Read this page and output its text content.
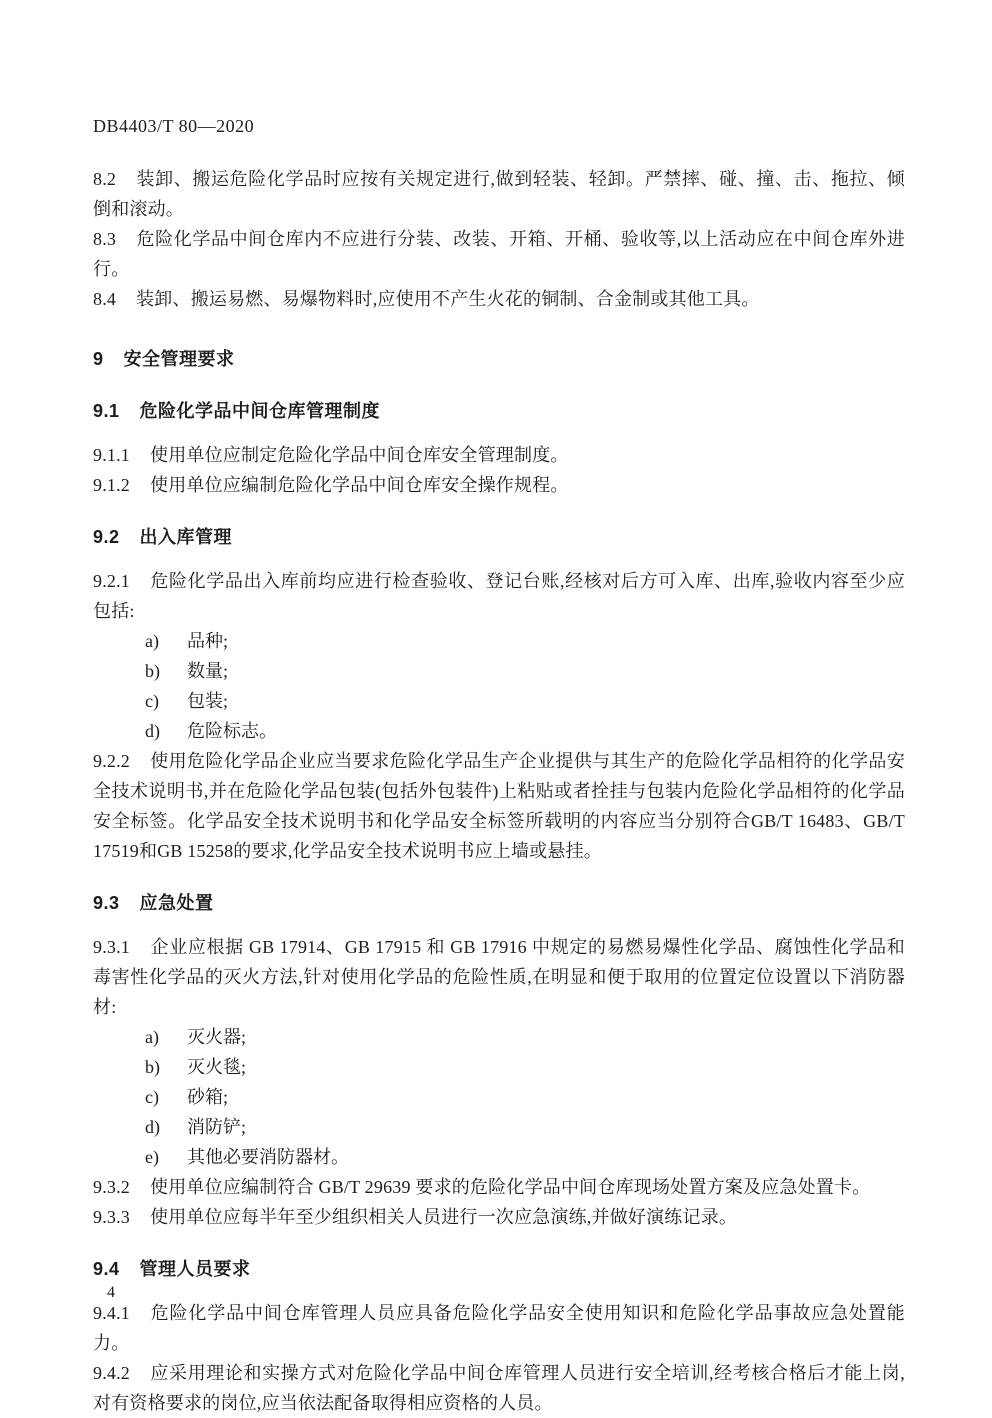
DB4403/T 80—2020
8.2 装卸、搬运危险化学品时应按有关规定进行,做到轻装、轻卸。严禁摔、碰、撞、击、拖拉、倾倒和滚动。
8.3 危险化学品中间仓库内不应进行分装、改装、开箱、开桶、验收等,以上活动应在中间仓库外进行。
8.4 装卸、搬运易燃、易爆物料时,应使用不产生火花的铜制、合金制或其他工具。
9 安全管理要求
9.1 危险化学品中间仓库管理制度
9.1.1 使用单位应制定危险化学品中间仓库安全管理制度。
9.1.2 使用单位应编制危险化学品中间仓库安全操作规程。
9.2 出入库管理
9.2.1 危险化学品出入库前均应进行检查验收、登记台账,经核对后方可入库、出库,验收内容至少应包括:
a)	品种;
b)	数量;
c)	包装;
d)	危险标志。
9.2.2 使用危险化学品企业应当要求危险化学品生产企业提供与其生产的危险化学品相符的化学品安全技术说明书,并在危险化学品包装(包括外包装件)上粘贴或者拴挂与包装内危险化学品相符的化学品安全标签。化学品安全技术说明书和化学品安全标签所载明的内容应当分别符合GB/T 16483、GB/T 17519和GB 15258的要求,化学品安全技术说明书应上墙或悬挂。
9.3 应急处置
9.3.1 企业应根据 GB 17914、GB 17915 和 GB 17916 中规定的易燃易爆性化学品、腐蚀性化学品和毒害性化学品的灭火方法,针对使用化学品的危险性质,在明显和便于取用的位置定位设置以下消防器材:
a)	灭火器;
b)	灭火毯;
c)	砂箱;
d)	消防铲;
e)	其他必要消防器材。
9.3.2 使用单位应编制符合 GB/T 29639 要求的危险化学品中间仓库现场处置方案及应急处置卡。
9.3.3 使用单位应每半年至少组织相关人员进行一次应急演练,并做好演练记录。
9.4 管理人员要求
9.4.1 危险化学品中间仓库管理人员应具备危险化学品安全使用知识和危险化学品事故应急处置能力。
9.4.2 应采用理论和实操方式对危险化学品中间仓库管理人员进行安全培训,经考核合格后才能上岗,对有资格要求的岗位,应当依法配备取得相应资格的人员。
4
